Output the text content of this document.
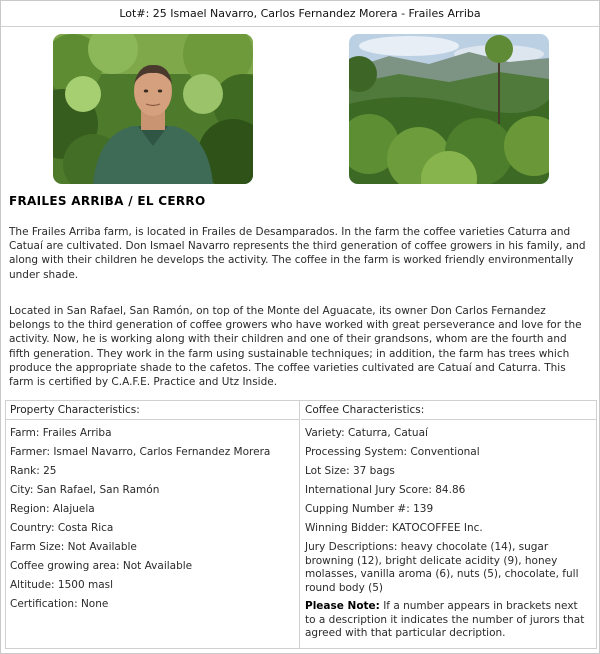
Lot#: 25 Ismael Navarro, Carlos Fernandez Morera - Frailes Arriba
FRAILES ARRIBA / EL CERRO

The Frailes Arriba farm, is located in Frailes de Desamparados. In the farm the coffee varieties Caturra and Catuaí are cultivated. Don Ismael Navarro represents the third generation of coffee growers in his family, and along with their children he develops the activity. The coffee in the farm is worked friendly environmentally under shade.

Located in San Rafael, San Ramón, on top of the Monte del Aguacate, its owner Don Carlos Fernandez belongs to the third generation of coffee growers who have worked with great perseverance and love for the activity. Now, he is working along with their children and one of their grandsons, whom are the fourth and fifth generation. They work in the farm using sustainable techniques; in addition, the farm has trees which produce the appropriate shade to the cafetos. The coffee varieties cultivated are Catuaí and Caturra. This farm is certified by C.A.F.E. Practice and Utz Inside.

Property Characteristics:
Farm: Frailes Arriba
Farmer: Ismael Navarro, Carlos Fernandez Morera
Rank: 25
City: San Rafael, San Ramón
Region: Alajuela
Country: Costa Rica
Farm Size: Not Available
Coffee growing area: Not Available
Altitude: 1500 masl
Certification: None
Coffee Characteristics:
Variety: Caturra, Catuaí
Processing System: Conventional
Lot Size: 37 bags
International Jury Score: 84.86
Cupping Number #: 139
Winning Bidder: KATOCOFFEE Inc.
Jury Descriptions: heavy chocolate (14), sugar browning (12), bright delicate acidity (9), honey molasses, vanilla aroma (6), nuts (5), chocolate, full round body (5)
Please Note: If a number appears in brackets next to a description it indicates the number of jurors that agreed with that particular decription.
